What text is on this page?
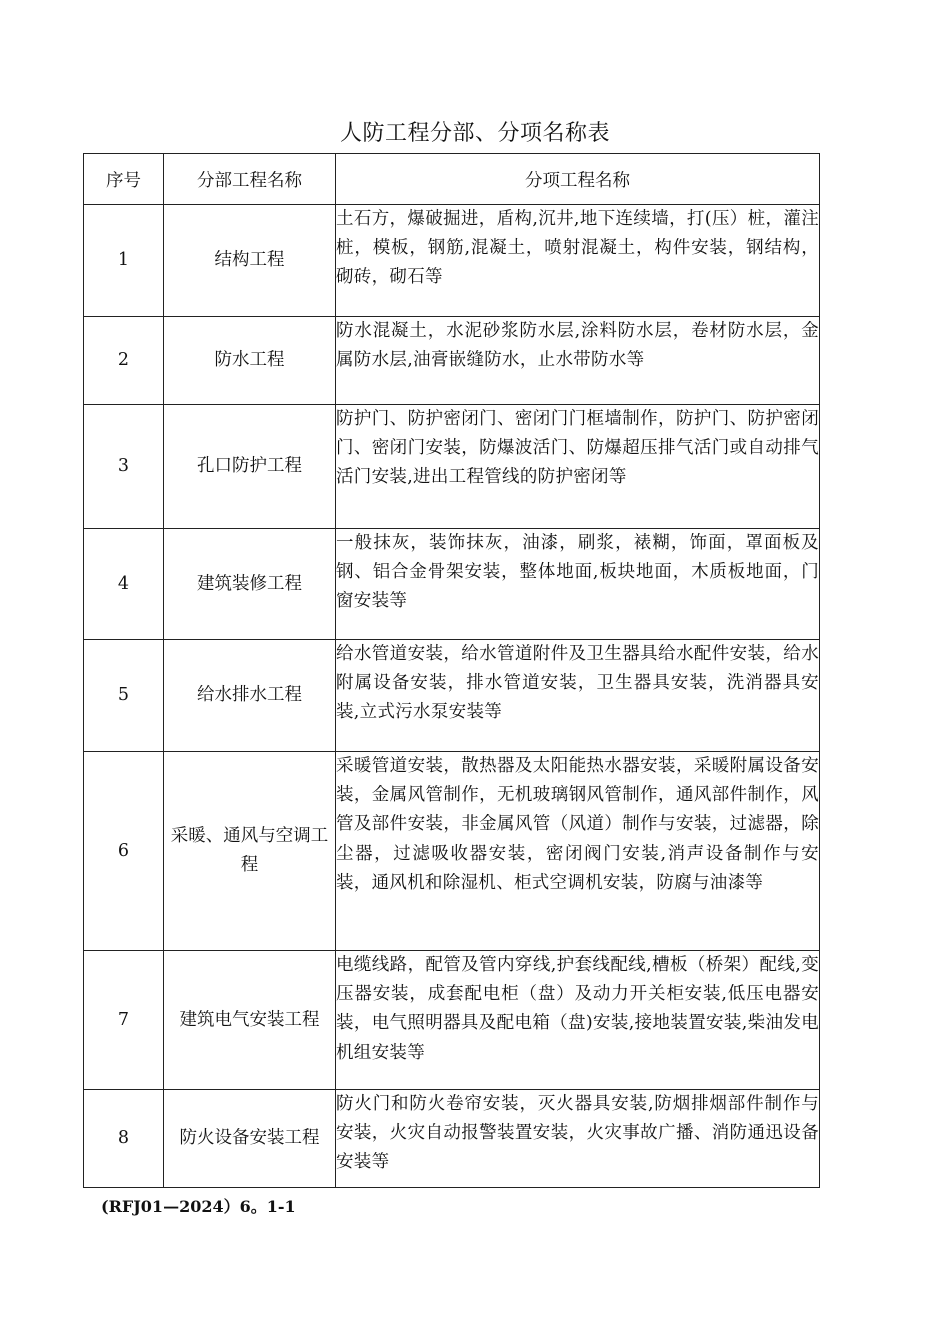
人防工程分部、分项名称表
序号	分部工程名称	分项工程名称
1	结构工程	土石方，爆破掘进，盾构,沉井,地下连续墙，打(压）桩，灌注桩，模板，钢筋,混凝土，喷射混凝土，构件安装，钢结构，砌砖，砌石等
2	防水工程	防水混凝土，水泥砂浆防水层,涂料防水层，卷材防水层，金属防水层,油膏嵌缝防水，止水带防水等
3	孔口防护工程	防护门、防护密闭门、密闭门门框墙制作，防护门、防护密闭门、密闭门安装，防爆波活门、防爆超压排气活门或自动排气活门安装,进出工程管线的防护密闭等
4	建筑装修工程	一般抹灰，装饰抹灰，油漆，刷浆，裱糊，饰面，罩面板及钢、铝合金骨架安装，整体地面,板块地面，木质板地面，门窗安装等
5	给水排水工程	给水管道安装，给水管道附件及卫生器具给水配件安装，给水附属设备安装，排水管道安装，卫生器具安装，洗消器具安装,立式污水泵安装等
6	采暖、通风与空调工程	采暖管道安装，散热器及太阳能热水器安装，采暖附属设备安装，金属风管制作，无机玻璃钢风管制作，通风部件制作，风管及部件安装，非金属风管（风道）制作与安装，过滤器，除尘器，过滤吸收器安装，密闭阀门安装,消声设备制作与安装，通风机和除湿机、柜式空调机安装，防腐与油漆等
7	建筑电气安装工程	电缆线路，配管及管内穿线,护套线配线,槽板（桥架）配线,变压器安装，成套配电柜（盘）及动力开关柜安装,低压电器安装，电气照明器具及配电箱（盘)安装,接地装置安装,柴油发电机组安装等
8	防火设备安装工程	防火门和防火卷帘安装，灭火器具安装,防烟排烟部件制作与安装，火灾自动报警装置安装，火灾事故广播、消防通迅设备安装等
(RFJ01—2024）6。1-1
